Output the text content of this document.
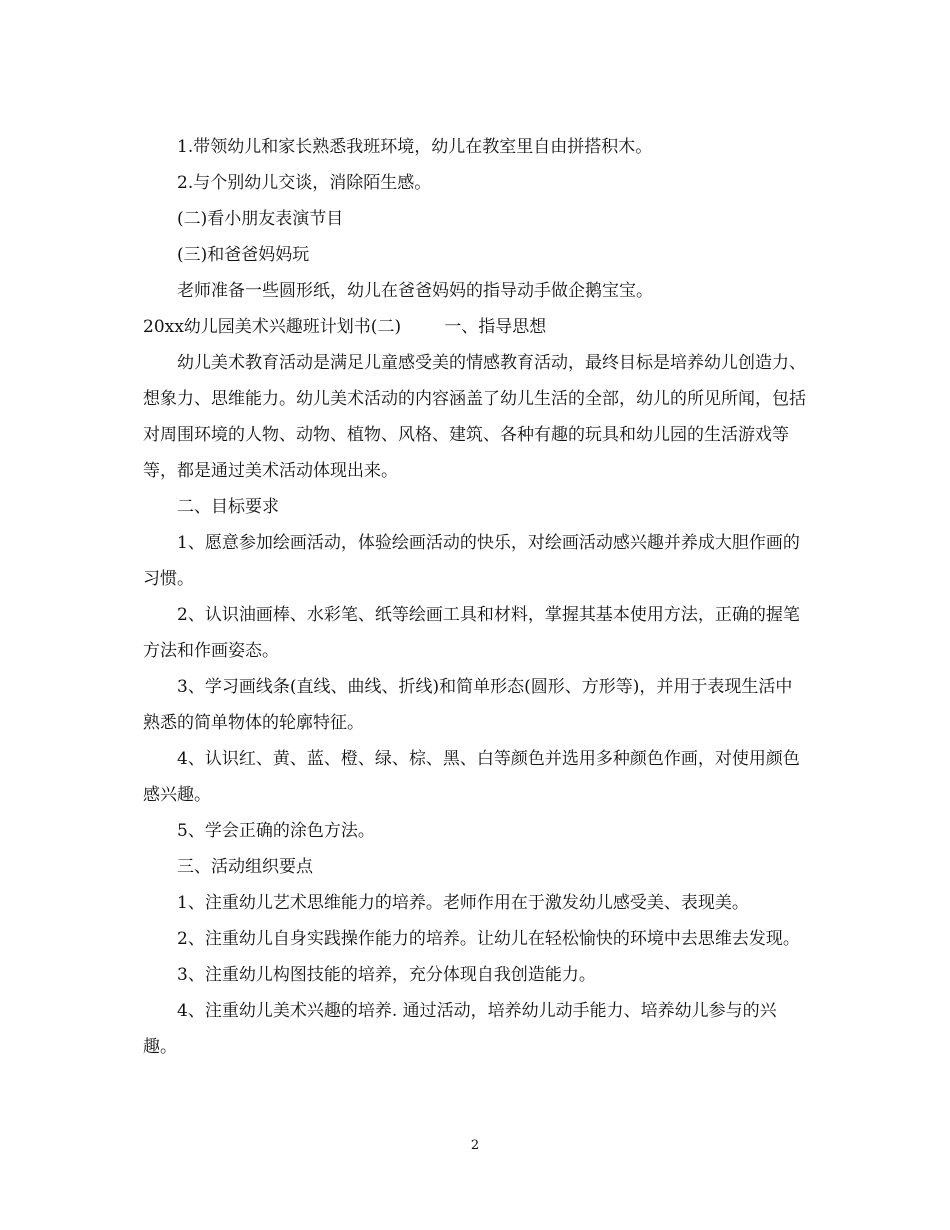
1.带领幼儿和家长熟悉我班环境，幼儿在教室里自由拼搭积木。

2.与个别幼儿交谈，消除陌生感。

(二)看小朋友表演节目

(三)和爸爸妈妈玩

老师准备一些圆形纸，幼儿在爸爸妈妈的指导动手做企鹅宝宝。

20xx幼儿园美术兴趣班计划书(二)	一、指导思想

幼儿美术教育活动是满足儿童感受美的情感教育活动，最终目标是培养幼儿创造力、想象力、思维能力。幼儿美术活动的内容涵盖了幼儿生活的全部，幼儿的所见所闻，包括对周围环境的人物、动物、植物、风格、建筑、各种有趣的玩具和幼儿园的生活游戏等等，都是通过美术活动体现出来。

二、目标要求

1、愿意参加绘画活动，体验绘画活动的快乐，对绘画活动感兴趣并养成大胆作画的习惯。

2、认识油画棒、水彩笔、纸等绘画工具和材料，掌握其基本使用方法，正确的握笔方法和作画姿态。

3、学习画线条(直线、曲线、折线)和简单形态(圆形、方形等)，并用于表现生活中熟悉的简单物体的轮廓特征。

4、认识红、黄、蓝、橙、绿、棕、黑、白等颜色并选用多种颜色作画，对使用颜色感兴趣。

5、学会正确的涂色方法。

三、活动组织要点

1、注重幼儿艺术思维能力的培养。老师作用在于激发幼儿感受美、表现美。

2、注重幼儿自身实践操作能力的培养。让幼儿在轻松愉快的环境中去思维去发现。

3、注重幼儿构图技能的培养，充分体现自我创造能力。

4、注重幼儿美术兴趣的培养. 通过活动，培养幼儿动手能力、培养幼儿参与的兴趣。

2
